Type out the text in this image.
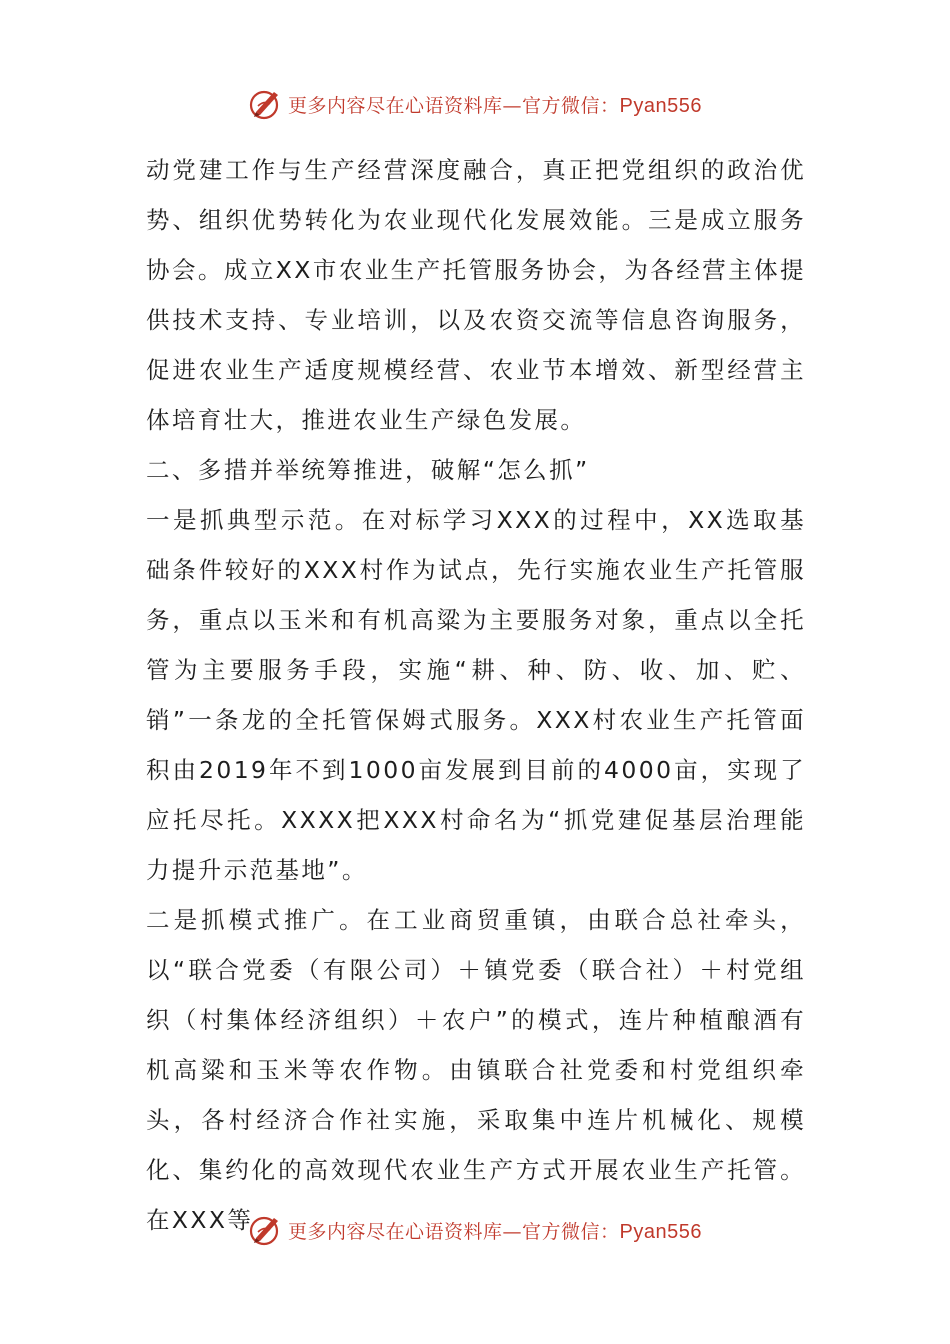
更多内容尽在心语资料库—官方微信：Pyan556

动党建工作与生产经营深度融合，真正把党组织的政治优势、组织优势转化为农业现代化发展效能。三是成立服务协会。成立XX市农业生产托管服务协会，为各经营主体提供技术支持、专业培训，以及农资交流等信息咨询服务，促进农业生产适度规模经营、农业节本增效、新型经营主体培育壮大，推进农业生产绿色发展。

二、多措并举统筹推进，破解“怎么抓”

一是抓典型示范。在对标学习XXX的过程中，XX选取基础条件较好的XXX村作为试点，先行实施农业生产托管服务，重点以玉米和有机高粱为主要服务对象，重点以全托管为主要服务手段，实施“耕、种、防、收、加、贮、销”一条龙的全托管保姆式服务。XXX村农业生产托管面积由2019年不到1000亩发展到目前的4000亩，实现了应托尽托。XXXX把XXX村命名为“抓党建促基层治理能力提升示范基地”。

二是抓模式推广。在工业商贸重镇，由联合总社牵头，以“联合党委（有限公司）＋镇党委（联合社）＋村党组织（村集体经济组织）＋农户”的模式，连片种植酿酒有机高粱和玉米等农作物。由镇联合社党委和村党组织牵头，各村经济合作社实施，采取集中连片机械化、规模化、集约化的高效现代农业生产方式开展农业生产托管。在XXX等	更多内容尽在心语资料库—官方微信：Pyan556
